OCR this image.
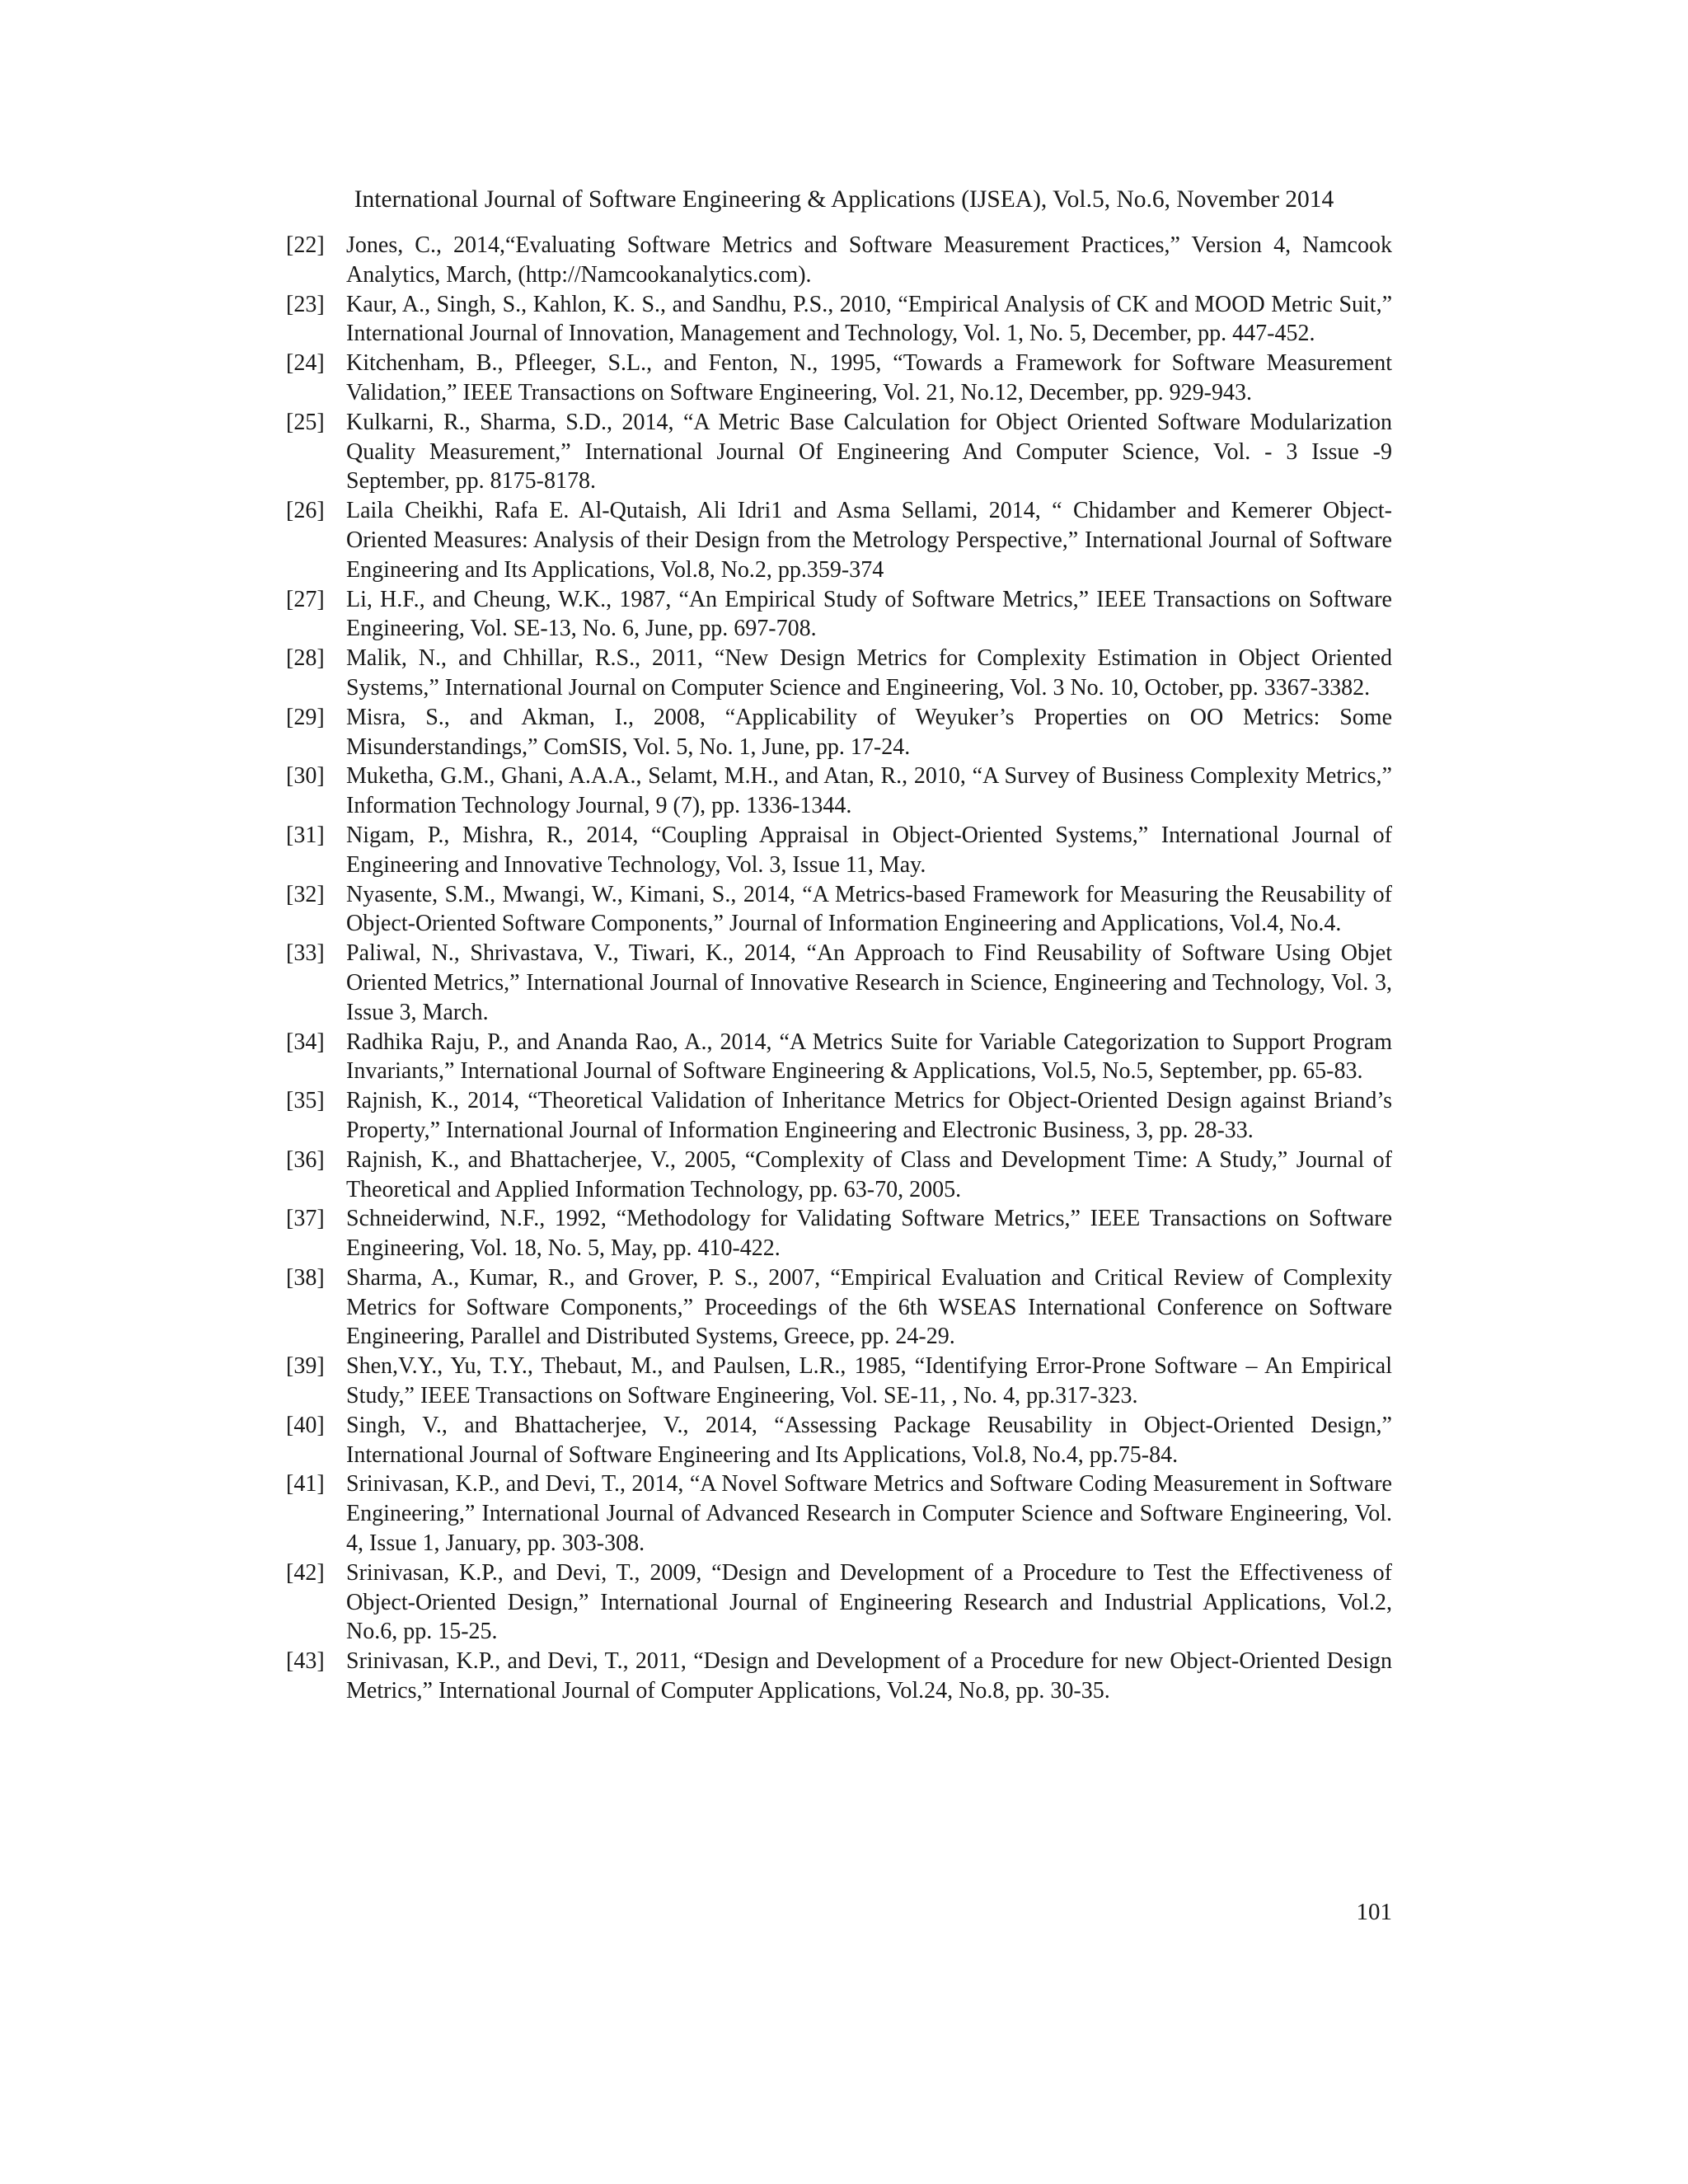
International Journal of Software Engineering & Applications (IJSEA), Vol.5, No.6, November 2014
[22] Jones, C., 2014,“Evaluating Software Metrics and Software Measurement Practices,” Version 4, Namcook Analytics, March, (http://Namcookanalytics.com).
[23] Kaur, A., Singh, S., Kahlon, K. S., and Sandhu, P.S., 2010, “Empirical Analysis of CK and MOOD Metric Suit,” International Journal of Innovation, Management and Technology, Vol. 1, No. 5, December, pp. 447-452.
[24] Kitchenham, B., Pfleeger, S.L., and Fenton, N., 1995, “Towards a Framework for Software Measurement Validation,” IEEE Transactions on Software Engineering, Vol. 21, No.12, December, pp. 929-943.
[25] Kulkarni, R., Sharma, S.D., 2014, “A Metric Base Calculation for Object Oriented Software Modularization Quality Measurement,” International Journal Of Engineering And Computer Science, Vol. - 3 Issue -9 September, pp. 8175-8178.
[26] Laila Cheikhi, Rafa E. Al-Qutaish, Ali Idri1 and Asma Sellami, 2014, “ Chidamber and Kemerer Object-Oriented Measures: Analysis of their Design from the Metrology Perspective,” International Journal of Software Engineering and Its Applications, Vol.8, No.2, pp.359-374
[27] Li, H.F., and Cheung, W.K., 1987, “An Empirical Study of Software Metrics,” IEEE Transactions on Software Engineering, Vol. SE-13, No. 6, June, pp. 697-708.
[28] Malik, N., and Chhillar, R.S., 2011, “New Design Metrics for Complexity Estimation in Object Oriented Systems,” International Journal on Computer Science and Engineering, Vol. 3 No. 10, October, pp. 3367-3382.
[29] Misra, S., and Akman, I., 2008, “Applicability of Weyuker’s Properties on OO Metrics: Some Misunderstandings,” ComSIS, Vol. 5, No. 1, June, pp. 17-24.
[30] Muketha, G.M., Ghani, A.A.A., Selamt, M.H., and Atan, R., 2010, “A Survey of Business Complexity Metrics,” Information Technology Journal, 9 (7), pp. 1336-1344.
[31] Nigam, P., Mishra, R., 2014, “Coupling Appraisal in Object-Oriented Systems,” International Journal of Engineering and Innovative Technology, Vol. 3, Issue 11, May.
[32] Nyasente, S.M., Mwangi, W., Kimani, S., 2014, “A Metrics-based Framework for Measuring the Reusability of Object-Oriented Software Components,” Journal of Information Engineering and Applications, Vol.4, No.4.
[33] Paliwal, N., Shrivastava, V., Tiwari, K., 2014, “An Approach to Find Reusability of Software Using Objet Oriented Metrics,” International Journal of Innovative Research in Science, Engineering and Technology, Vol. 3, Issue 3, March.
[34] Radhika Raju, P., and Ananda Rao, A., 2014, “A Metrics Suite for Variable Categorization to Support Program Invariants,” International Journal of Software Engineering & Applications, Vol.5, No.5, September, pp. 65-83.
[35] Rajnish, K., 2014, “Theoretical Validation of Inheritance Metrics for Object-Oriented Design against Briand’s Property,” International Journal of Information Engineering and Electronic Business, 3, pp. 28-33.
[36] Rajnish, K., and Bhattacherjee, V., 2005, “Complexity of Class and Development Time: A Study,” Journal of Theoretical and Applied Information Technology, pp. 63-70, 2005.
[37] Schneiderwind, N.F., 1992, “Methodology for Validating Software Metrics,” IEEE Transactions on Software Engineering, Vol. 18, No. 5, May, pp. 410-422.
[38] Sharma, A., Kumar, R., and Grover, P. S., 2007, “Empirical Evaluation and Critical Review of Complexity Metrics for Software Components,” Proceedings of the 6th WSEAS International Conference on Software Engineering, Parallel and Distributed Systems, Greece, pp. 24-29.
[39] Shen,V.Y., Yu, T.Y., Thebaut, M., and Paulsen, L.R., 1985, “Identifying Error-Prone Software – An Empirical Study,” IEEE Transactions on Software Engineering, Vol. SE-11, , No. 4, pp.317-323.
[40] Singh, V., and Bhattacherjee, V., 2014, “Assessing Package Reusability in Object-Oriented Design,” International Journal of Software Engineering and Its Applications, Vol.8, No.4, pp.75-84.
[41] Srinivasan, K.P., and Devi, T., 2014, “A Novel Software Metrics and Software Coding Measurement in Software Engineering,” International Journal of Advanced Research in Computer Science and Software Engineering, Vol. 4, Issue 1, January, pp. 303-308.
[42] Srinivasan, K.P., and Devi, T., 2009, “Design and Development of a Procedure to Test the Effectiveness of Object-Oriented Design,” International Journal of Engineering Research and Industrial Applications, Vol.2, No.6, pp. 15-25.
[43] Srinivasan, K.P., and Devi, T., 2011, “Design and Development of a Procedure for new Object-Oriented Design Metrics,” International Journal of Computer Applications, Vol.24, No.8, pp. 30-35.
101
